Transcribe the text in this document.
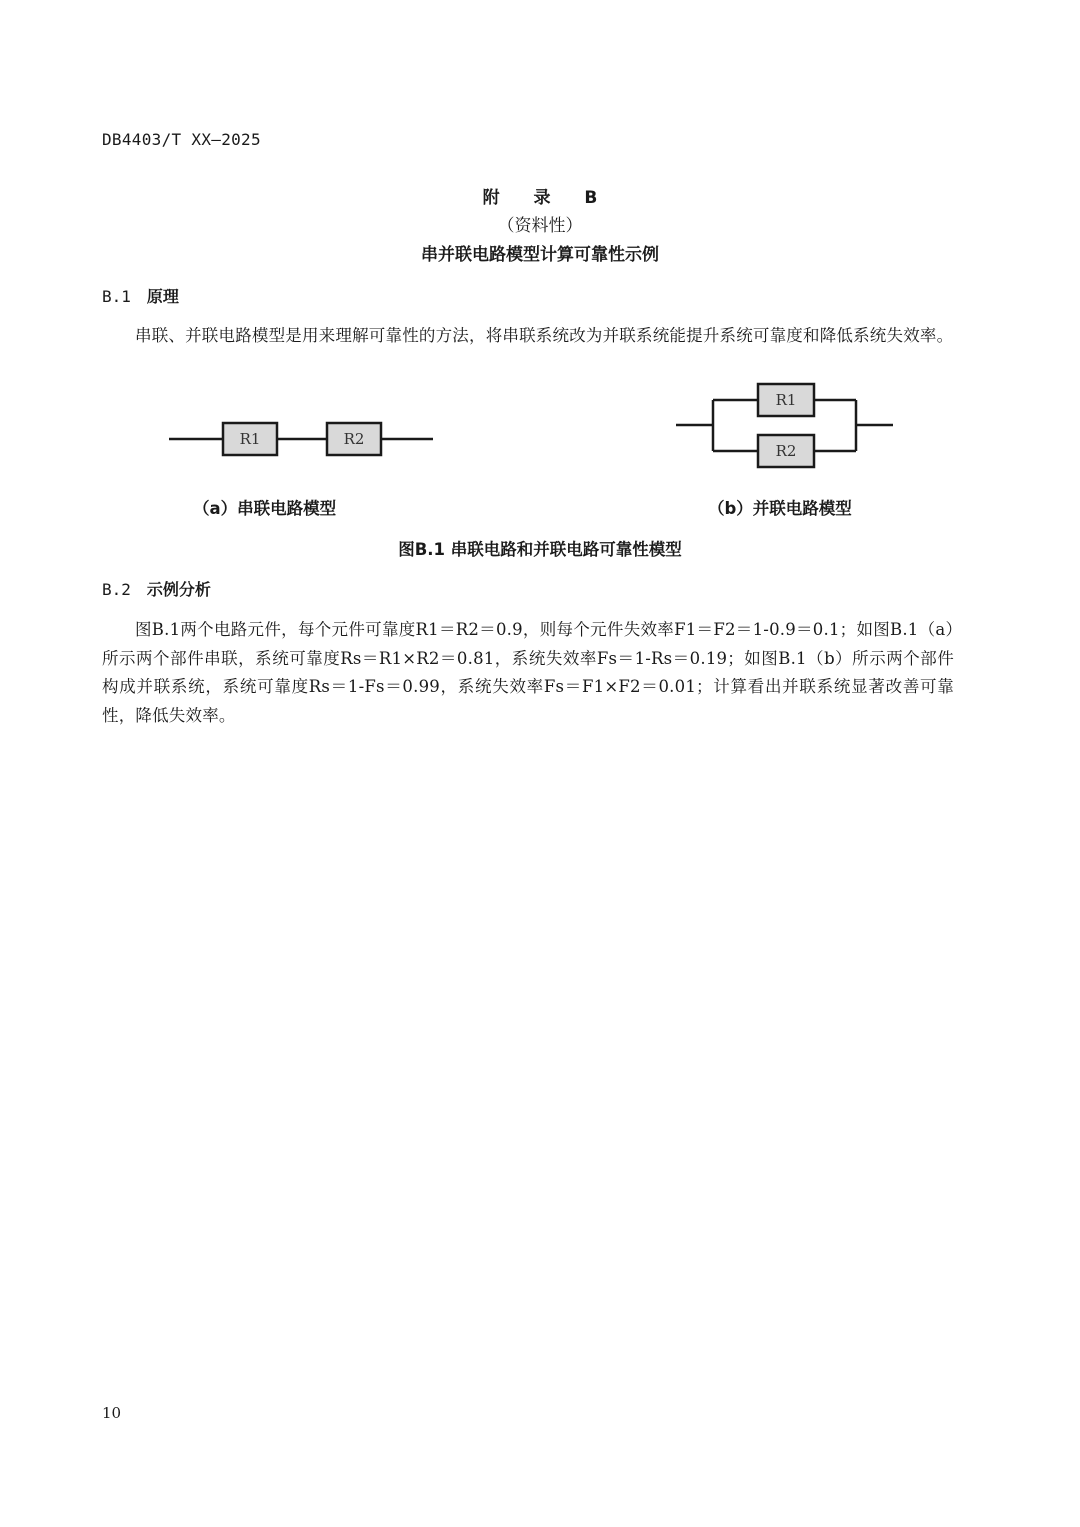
DB4403/T XX—2025
附 录 B
（资料性）
串并联电路模型计算可靠性示例
B.1 原理
串联、并联电路模型是用来理解可靠性的方法，将串联系统改为并联系统能提升系统可靠度和降低系统失效率。
R1	R2
R1
R2
（a）串联电路模型	（b）并联电路模型
图B.1 串联电路和并联电路可靠性模型
B.2 示例分析
图B.1两个电路元件，每个元件可靠度R1＝R2＝0.9，则每个元件失效率F1＝F2＝1-0.9＝0.1；如图B.1（a）所示两个部件串联，系统可靠度Rs＝R1×R2＝0.81，系统失效率Fs＝1-Rs＝0.19；如图B.1（b）所示两个部件构成并联系统，系统可靠度Rs＝1-Fs＝0.99，系统失效率Fs＝F1×F2＝0.01；计算看出并联系统显著改善可靠性，降低失效率。
10
